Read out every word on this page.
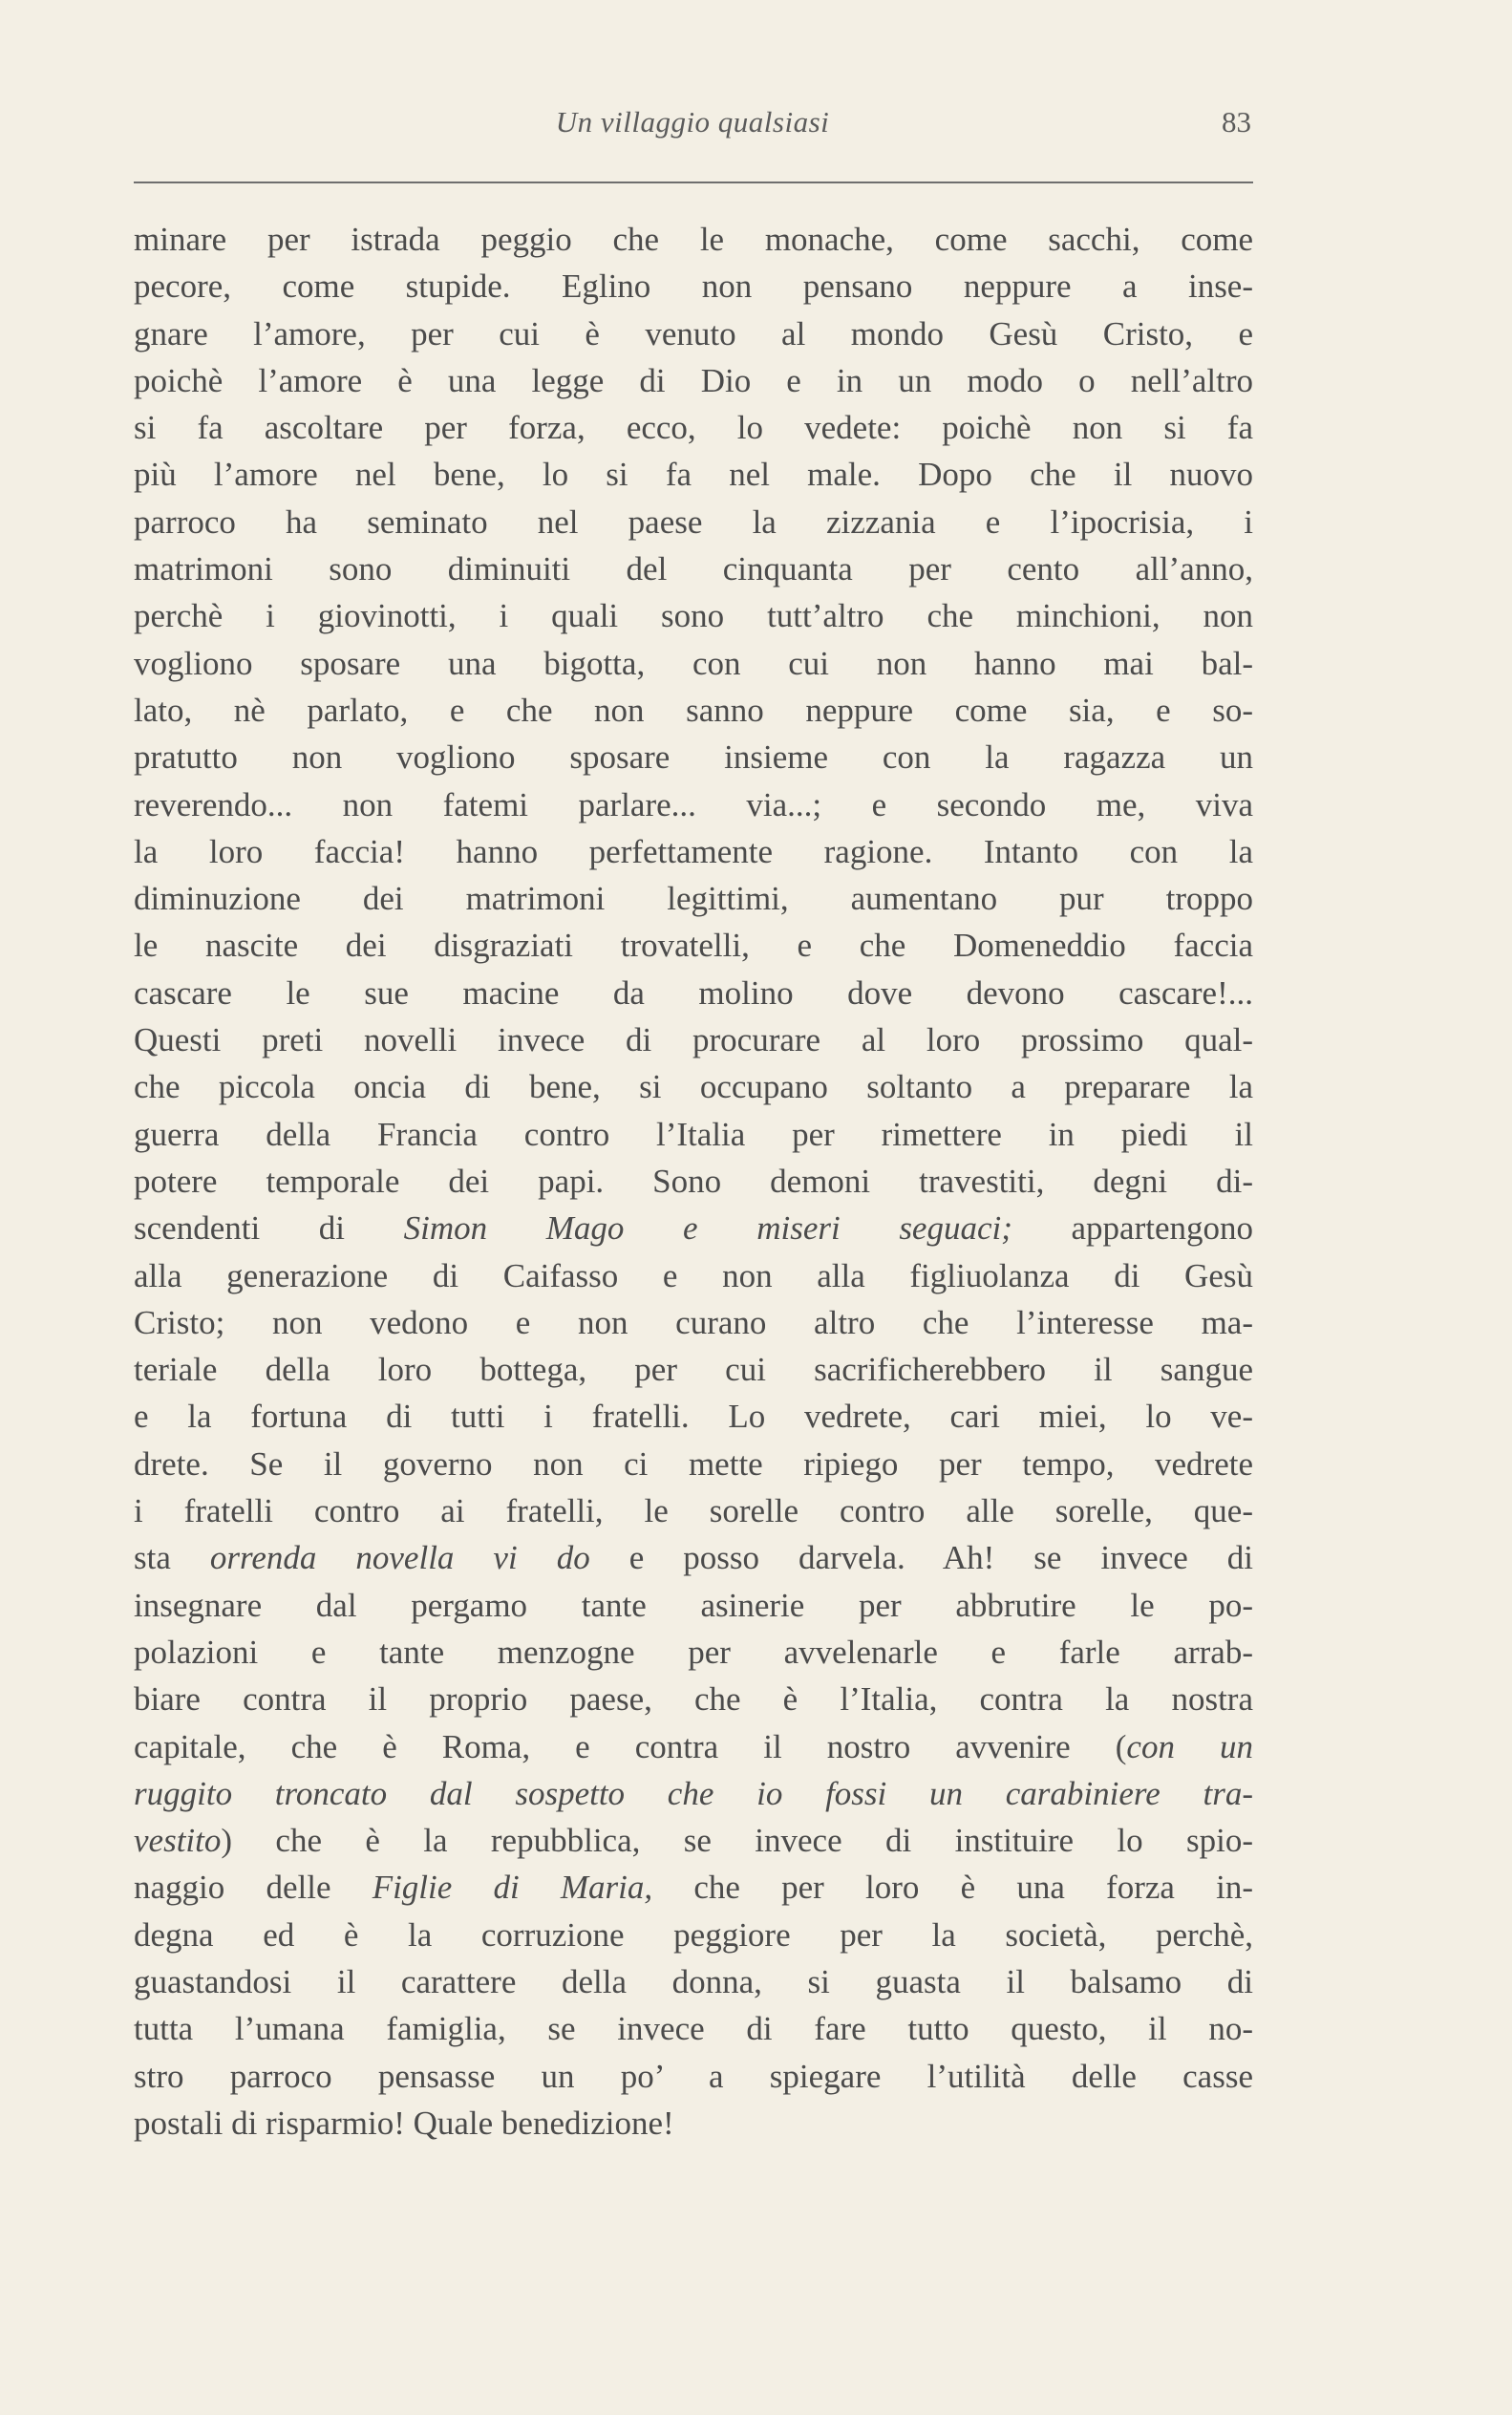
Un villaggio qualsiasi	83
minare per istrada peggio che le monache, come sacchi, come
pecore, come stupide. Eglino non pensano neppure a inse-
gnare l’amore, per cui è venuto al mondo Gesù Cristo, e
poichè l’amore è una legge di Dio e in un modo o nell’altro
si fa ascoltare per forza, ecco, lo vedete: poichè non si fa
più l’amore nel bene, lo si fa nel male. Dopo che il nuovo
parroco ha seminato nel paese la zizzania e l’ipocrisia, i
matrimoni sono diminuiti del cinquanta per cento all’anno,
perchè i giovinotti, i quali sono tutt’altro che minchioni, non
vogliono sposare una bigotta, con cui non hanno mai bal-
lato, nè parlato, e che non sanno neppure come sia, e so-
pratutto non vogliono sposare insieme con la ragazza un
reverendo... non fatemi parlare... via...; e secondo me, viva
la loro faccia! hanno perfettamente ragione. Intanto con la
diminuzione dei matrimoni legittimi, aumentano pur troppo
le nascite dei disgraziati trovatelli, e che Domeneddio faccia
cascare le sue macine da molino dove devono cascare!...
Questi preti novelli invece di procurare al loro prossimo qual-
che piccola oncia di bene, si occupano soltanto a preparare la
guerra della Francia contro l’Italia per rimettere in piedi il
potere temporale dei papi. Sono demoni travestiti, degni di-
scendenti di Simon Mago e miseri seguaci; appartengono
alla generazione di Caifasso e non alla figliuolanza di Gesù
Cristo; non vedono e non curano altro che l’interesse ma-
teriale della loro bottega, per cui sacrificherebbero il sangue
e la fortuna di tutti i fratelli. Lo vedrete, cari miei, lo ve-
drete. Se il governo non ci mette ripiego per tempo, vedrete
i fratelli contro ai fratelli, le sorelle contro alle sorelle, que-
sta orrenda novella vi do e posso darvela. Ah! se invece di
insegnare dal pergamo tante asinerie per abbrutire le po-
polazioni e tante menzogne per avvelenarle e farle arrab-
biare contra il proprio paese, che è l’Italia, contra la nostra
capitale, che è Roma, e contra il nostro avvenire (con un
ruggito troncato dal sospetto che io fossi un carabiniere tra-
vestito) che è la repubblica, se invece di instituire lo spio-
naggio delle Figlie di Maria, che per loro è una forza in-
degna ed è la corruzione peggiore per la società, perchè,
guastandosi il carattere della donna, si guasta il balsamo di
tutta l’umana famiglia, se invece di fare tutto questo, il no-
stro parroco pensasse un po’ a spiegare l’utilità delle casse
postali di risparmio! Quale benedizione!
